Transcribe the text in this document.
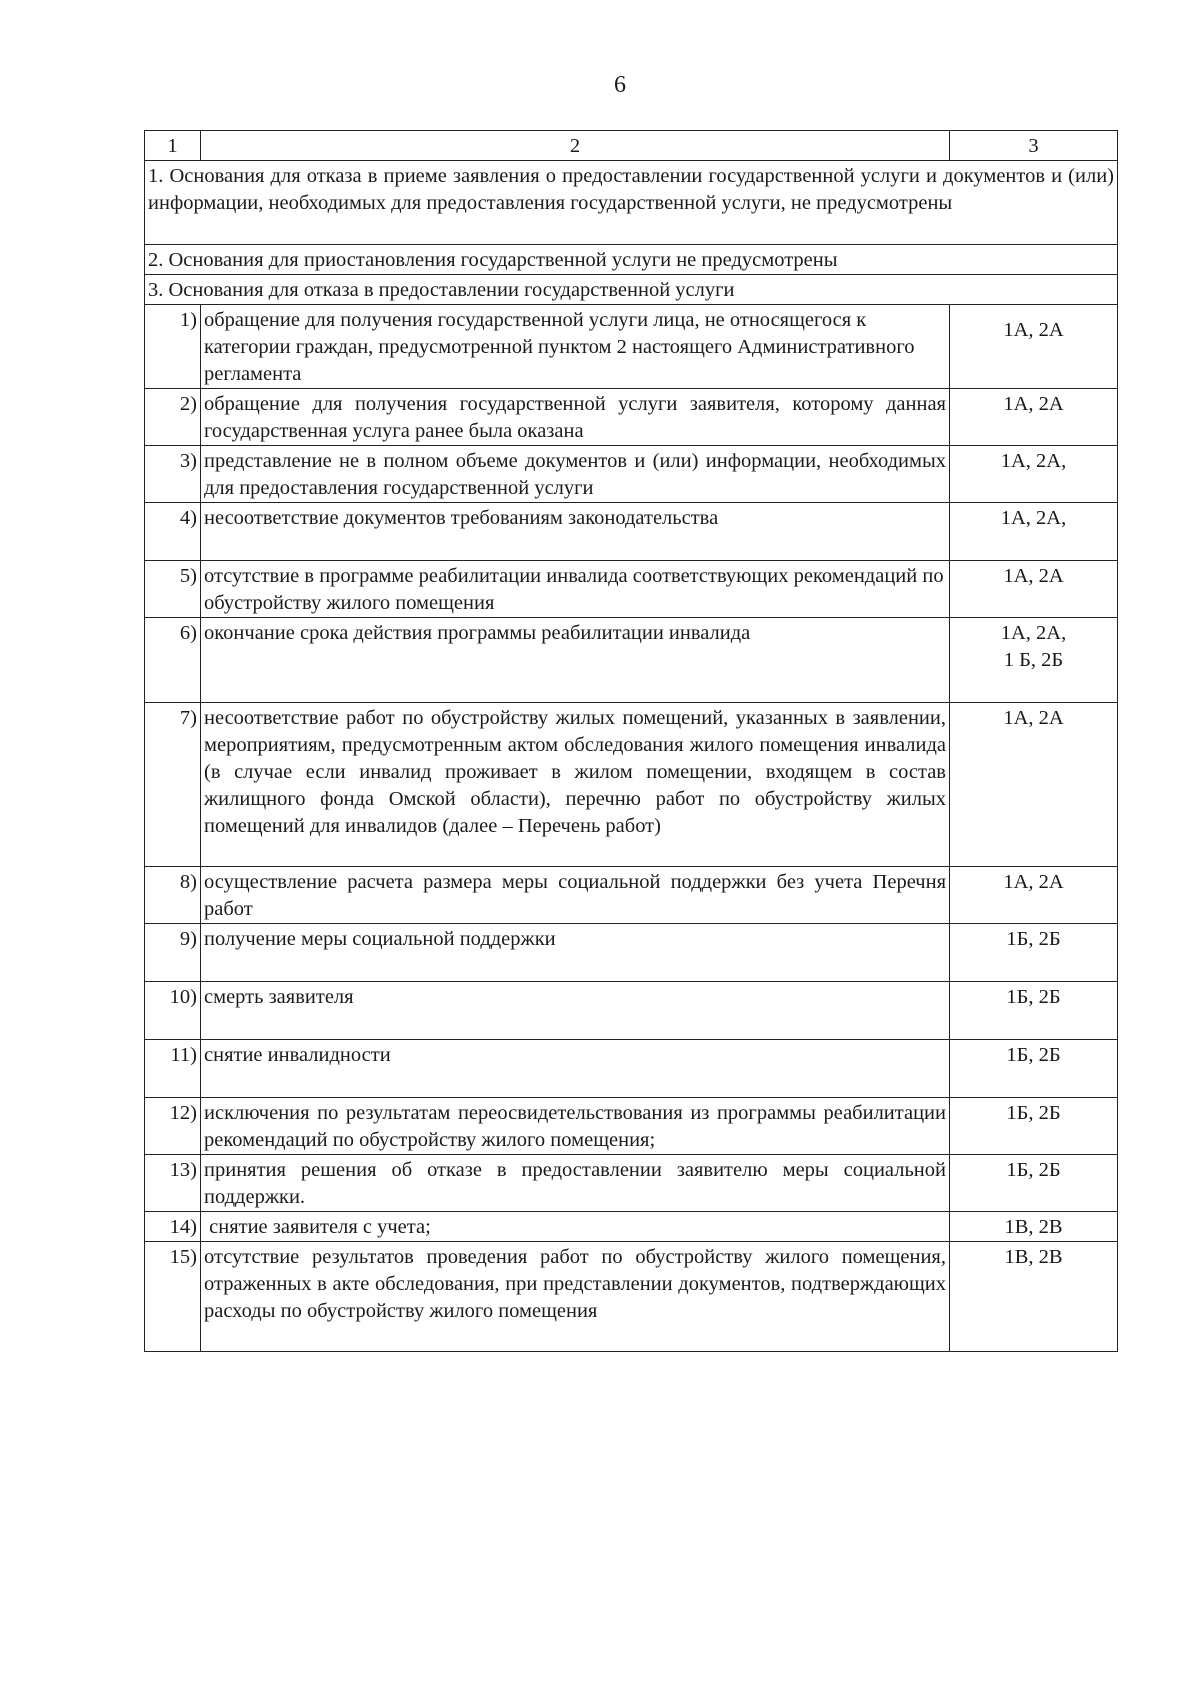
6
1	2	3
1. Основания для отказа в приеме заявления о предоставлении государственной услуги и документов и (или) информации, необходимых для предоставления государственной услуги, не предусмотрены		
2. Основания для приостановления государственной услуги не предусмотрены		
3. Основания для отказа в предоставлении государственной услуги		
1)	обращение для получения государственной услуги лица, не относящегося к категории граждан, предусмотренной пунктом 2 настоящего Административного регламента	1А, 2А
2)	обращение для получения государственной услуги заявителя, которому данная государственная услуга ранее была оказана	1А, 2А
3)	представление не в полном объеме документов и (или) информации, необходимых для предоставления государственной услуги	1А, 2А,
4)	несоответствие документов требованиям законодательства	1А, 2А,
5)	отсутствие в программе реабилитации инвалида соответствующих рекомендаций по обустройству жилого помещения	1А, 2А
6)	окончание срока действия программы реабилитации инвалида	1А, 2А,
1 Б, 2Б

7)	несоответствие работ по обустройству жилых помещений, указанных в заявлении, мероприятиям, предусмотренным актом обследования жилого помещения инвалида (в случае если инвалид проживает в жилом помещении, входящем в состав жилищного фонда Омской области), перечню работ по обустройству жилых помещений для инвалидов (далее – Перечень работ)	1А, 2А
8)	осуществление расчета размера меры социальной поддержки без учета Перечня работ	1А, 2А
9)	получение меры социальной поддержки	1Б, 2Б
10)	смерть заявителя	1Б, 2Б
11)	снятие инвалидности	1Б, 2Б
12)	исключения по результатам переосвидетельствования из программы реабилитации рекомендаций по обустройству жилого помещения;	1Б, 2Б
13)	принятия решения об отказе в предоставлении заявителю меры социальной поддержки.	1Б, 2Б
14)	снятие заявителя с учета;	1В, 2В
15)	отсутствие результатов проведения работ по обустройству жилого помещения, отраженных в акте обследования, при представлении документов, подтверждающих расходы по обустройству жилого помещения	1В, 2В
